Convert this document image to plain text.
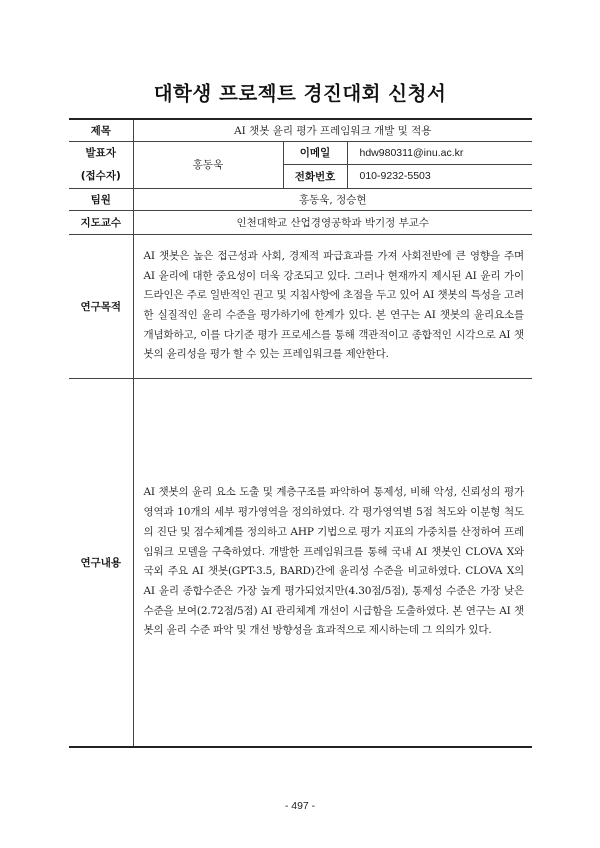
대학생 프로젝트 경진대회 신청서
제목	AI 챗봇 윤리 평가 프레임워크 개발 및 적용		

발표자
(접수자)	홍동욱	이메일	hdw980311@inu.ac.kr
		전화번호	010-9232-5503
팀원	홍동욱, 정승현		
지도교수	인천대학교 산업경영공학과 박기정 부교수		
연구목적	AI 챗봇은 높은 접근성과 사회, 경제적 파급효과를 가져 사회전반에 큰 영향을 주며 AI 윤리에 대한 중요성이 더욱 강조되고 있다. 그러나 현재까지 제시된 AI 윤리 가이드라인은 주로 일반적인 권고 및 지침사항에 초점을 두고 있어 AI 챗봇의 특성을 고려한 실질적인 윤리 수준을 평가하기에 한계가 있다. 본 연구는 AI 챗봇의 윤리요소를 개념화하고, 이를 다기준 평가 프로세스를 통해 객관적이고 종합적인 시각으로 AI 챗봇의 윤리성을 평가 할 수 있는 프레임워크를 제안한다.		
연구내용	AI 챗봇의 윤리 요소 도출 및 계층구조를 파악하여 통제성, 비해 악성, 신뢰성의 평가영역과 10개의 세부 평가영역을 정의하였다. 각 평가영역별 5점 척도와 이분형 척도의 진단 및 점수체계를 정의하고 AHP 기법으로 평가 지표의 가중치를 산정하여 프레임워크 모델을 구축하였다. 개발한 프레임워크를 통해 국내 AI 챗봇인 CLOVA X와 국외 주요 AI 챗봇(GPT-3.5, BARD)간에 윤리성 수준을 비교하였다. CLOVA X의 AI 윤리 종합수준은 가장 높게 평가되었지만(4.30점/5점), 통제성 수준은 가장 낮은 수준을 보여(2.72점/5점) AI 관리체계 개선이 시급함을 도출하였다. 본 연구는 AI 챗봇의 윤리 수준 파악 및 개선 방향성을 효과적으로 제시하는데 그 의의가 있다.		
- 497 -
